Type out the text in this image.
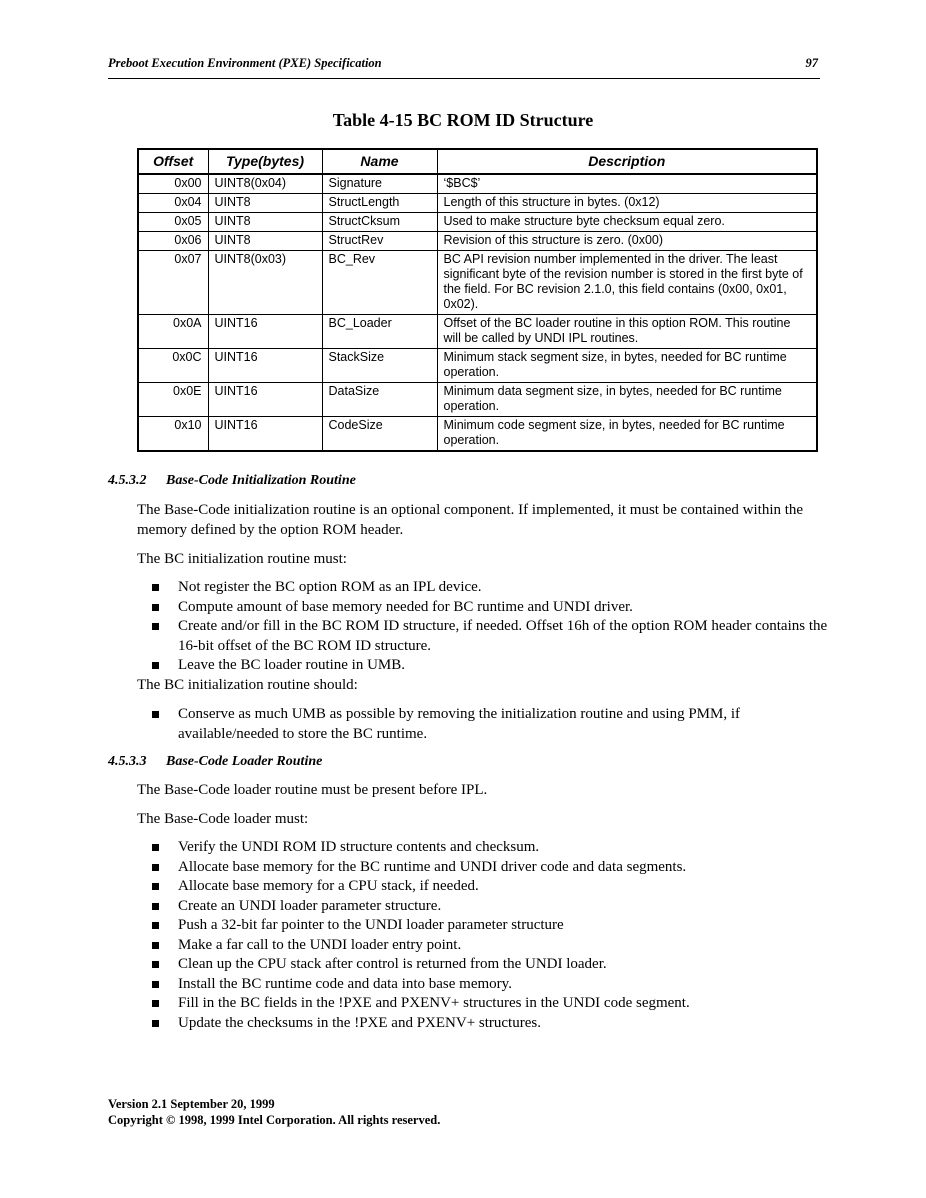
Preboot Execution Environment (PXE) Specification	97
Table 4-15 BC ROM ID Structure
Offset	Type(bytes)	Name	Description
0x00	UINT8(0x04)	Signature	‘$BC$’
0x04	UINT8	StructLength	Length of this structure in bytes. (0x12)
0x05	UINT8	StructCksum	Used to make structure byte checksum equal zero.
0x06	UINT8	StructRev	Revision of this structure is zero. (0x00)
0x07	UINT8(0x03)	BC_Rev	BC API revision number implemented in the driver. The least significant byte of the revision number is stored in the first byte of the field. For BC revision 2.1.0, this field contains (0x00, 0x01, 0x02).
0x0A	UINT16	BC_Loader	Offset of the BC loader routine in this option ROM. This routine will be called by UNDI IPL routines.
0x0C	UINT16	StackSize	Minimum stack segment size, in bytes, needed for BC runtime operation.
0x0E	UINT16	DataSize	Minimum data segment size, in bytes, needed for BC runtime operation.
0x10	UINT16	CodeSize	Minimum code segment size, in bytes, needed for BC runtime operation.
4.5.3.2 Base-Code Initialization Routine
The Base-Code initialization routine is an optional component. If implemented, it must be contained within the memory defined by the option ROM header.
The BC initialization routine must:
Not register the BC option ROM as an IPL device.
Compute amount of base memory needed for BC runtime and UNDI driver.
Create and/or fill in the BC ROM ID structure, if needed. Offset 16h of the option ROM header contains the 16-bit offset of the BC ROM ID structure.
Leave the BC loader routine in UMB.
The BC initialization routine should:
Conserve as much UMB as possible by removing the initialization routine and using PMM, if available/needed to store the BC runtime.
4.5.3.3 Base-Code Loader Routine
The Base-Code loader routine must be present before IPL.
The Base-Code loader must:
Verify the UNDI ROM ID structure contents and checksum.
Allocate base memory for the BC runtime and UNDI driver code and data segments.
Allocate base memory for a CPU stack, if needed.
Create an UNDI loader parameter structure.
Push a 32-bit far pointer to the UNDI loader parameter structure
Make a far call to the UNDI loader entry point.
Clean up the CPU stack after control is returned from the UNDI loader.
Install the BC runtime code and data into base memory.
Fill in the BC fields in the !PXE and PXENV+ structures in the UNDI code segment.
Update the checksums in the !PXE and PXENV+ structures.
Version 2.1 September 20, 1999
Copyright © 1998, 1999 Intel Corporation. All rights reserved.
